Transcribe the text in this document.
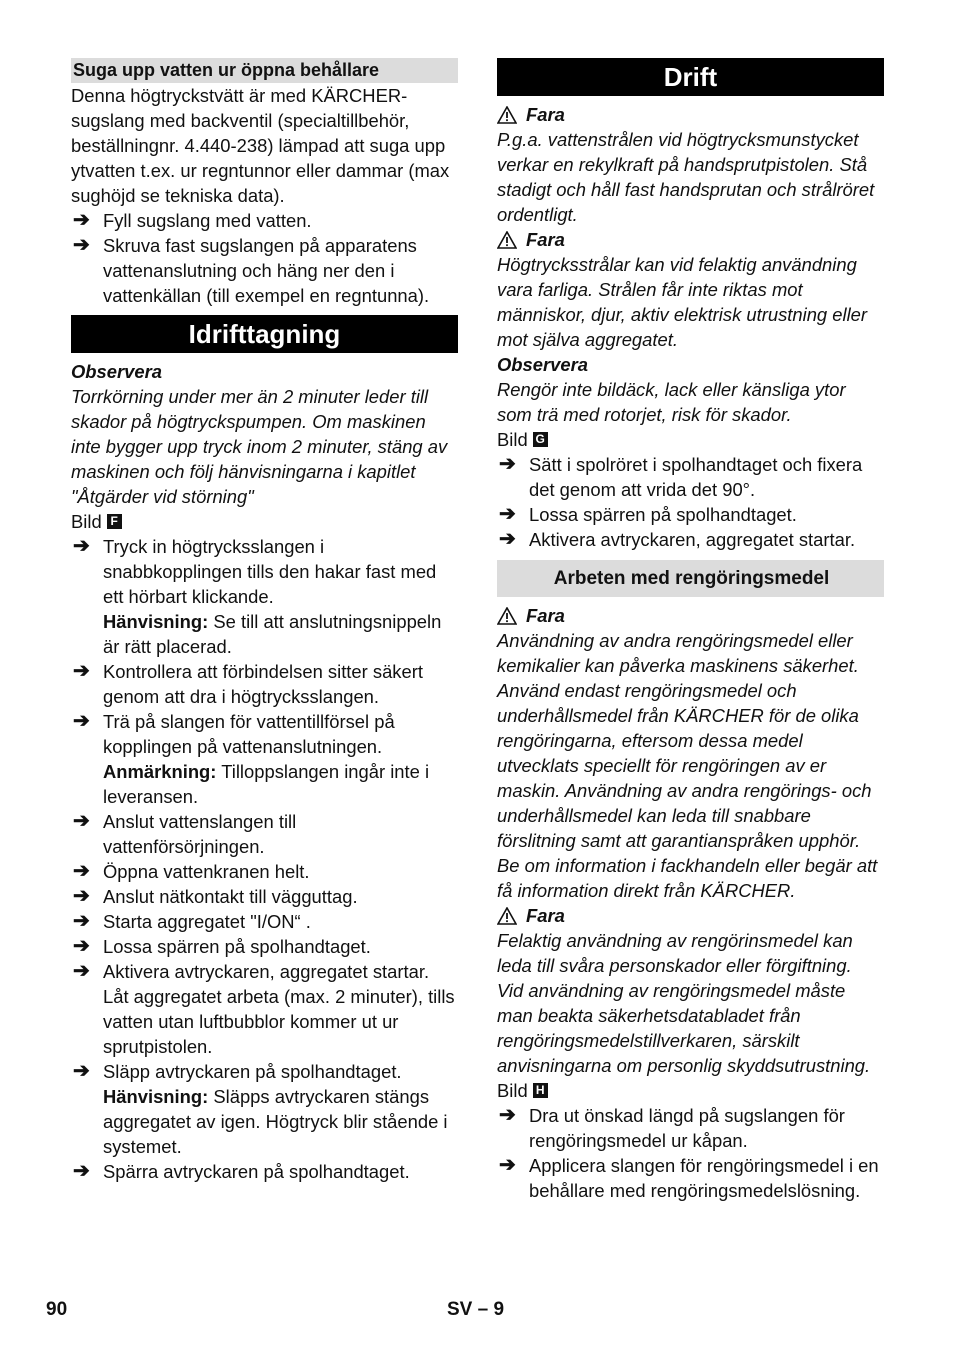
Suga upp vatten ur öppna behållare

Denna högtryckstvätt är med KÄRCHER-sugslang med backventil (specialtillbehör, beställningnr. 4.440-238) lämpad att suga upp ytvatten t.ex. ur regntunnor eller dammar (max sughöjd se tekniska data).

➔ Fyll sugslang med vatten.
➔ Skruva fast sugslangen på apparatens vattenanslutning och häng ner den i vattenkällan (till exempel en regntunna).
Idrifttagning
Observera

Torrkörning under mer än 2 minuter leder till skador på högtryckspumpen. Om maskinen inte bygger upp tryck inom 2 minuter, stäng av maskinen och följ hänvisningarna i kapitlet "Åtgärder vid störning"

Bild F
➔ Tryck in högtrycksslangen i snabbkopplingen tills den hakar fast med ett hörbart klickande.
Hänvisning: Se till att anslutningsnippeln är rätt placerad.
➔ Kontrollera att förbindelsen sitter säkert genom att dra i högtrycksslangen.
➔ Trä på slangen för vattentillförsel på kopplingen på vattenanslutningen.
Anmärkning: Tilloppslangen ingår inte i leveransen.
➔ Anslut vattenslangen till vattenförsörjningen.
➔ Öppna vattenkranen helt.
➔ Anslut nätkontakt till vägguttag.
➔ Starta aggregatet "I/ON“ .
➔ Lossa spärren på spolhandtaget.
➔ Aktivera avtryckaren, aggregatet startar. Låt aggregatet arbeta (max. 2 minuter), tills vatten utan luftbubblor kommer ut ur sprutpistolen.
➔ Släpp avtryckaren på spolhandtaget.
Hänvisning: Släpps avtryckaren stängs aggregatet av igen. Högtryck blir stående i systemet.
➔ Spärra avtryckaren på spolhandtaget.
Drift
Fara

P.g.a. vattenstrålen vid högtrycksmunstycket verkar en rekylkraft på handsprutpistolen. Stå stadigt och håll fast handsprutan och strålröret ordentligt.

Fara

Högtrycksstrålar kan vid felaktig användning vara farliga. Strålen får inte riktas mot människor, djur, aktiv elektrisk utrustning eller mot själva aggregatet.

Observera

Rengör inte bildäck, lack eller känsliga ytor som trä med rotorjet, risk för skador.

Bild G
➔ Sätt i spolröret i spolhandtaget och fixera det genom att vrida det 90°.
➔ Lossa spärren på spolhandtaget.
➔ Aktivera avtryckaren, aggregatet startar.
Arbeten med rengöringsmedel
Fara

Användning av andra rengöringsmedel eller kemikalier kan påverka maskinens säkerhet.

Använd endast rengöringsmedel och underhållsmedel från KÄRCHER för de olika rengöringarna, eftersom dessa medel utvecklats speciellt för rengöringen av er maskin. Användning av andra rengörings- och underhållsmedel kan leda till snabbare förslitning samt att garantianspråken upphör. Be om information i fackhandeln eller begär att få information direkt från KÄRCHER.

Fara

Felaktig användning av rengörinsmedel kan leda till svåra personskador eller förgiftning.

Vid användning av rengöringsmedel måste man beakta säkerhetsdatabladet från rengöringsmedelstillverkaren, särskilt anvisningarna om personlig skyddsutrustning.

Bild H
➔ Dra ut önskad längd på sugslangen för rengöringsmedel ur kåpan.
➔ Applicera slangen för rengöringsmedel i en behållare med rengöringsmedelslösning.
90	SV – 9
